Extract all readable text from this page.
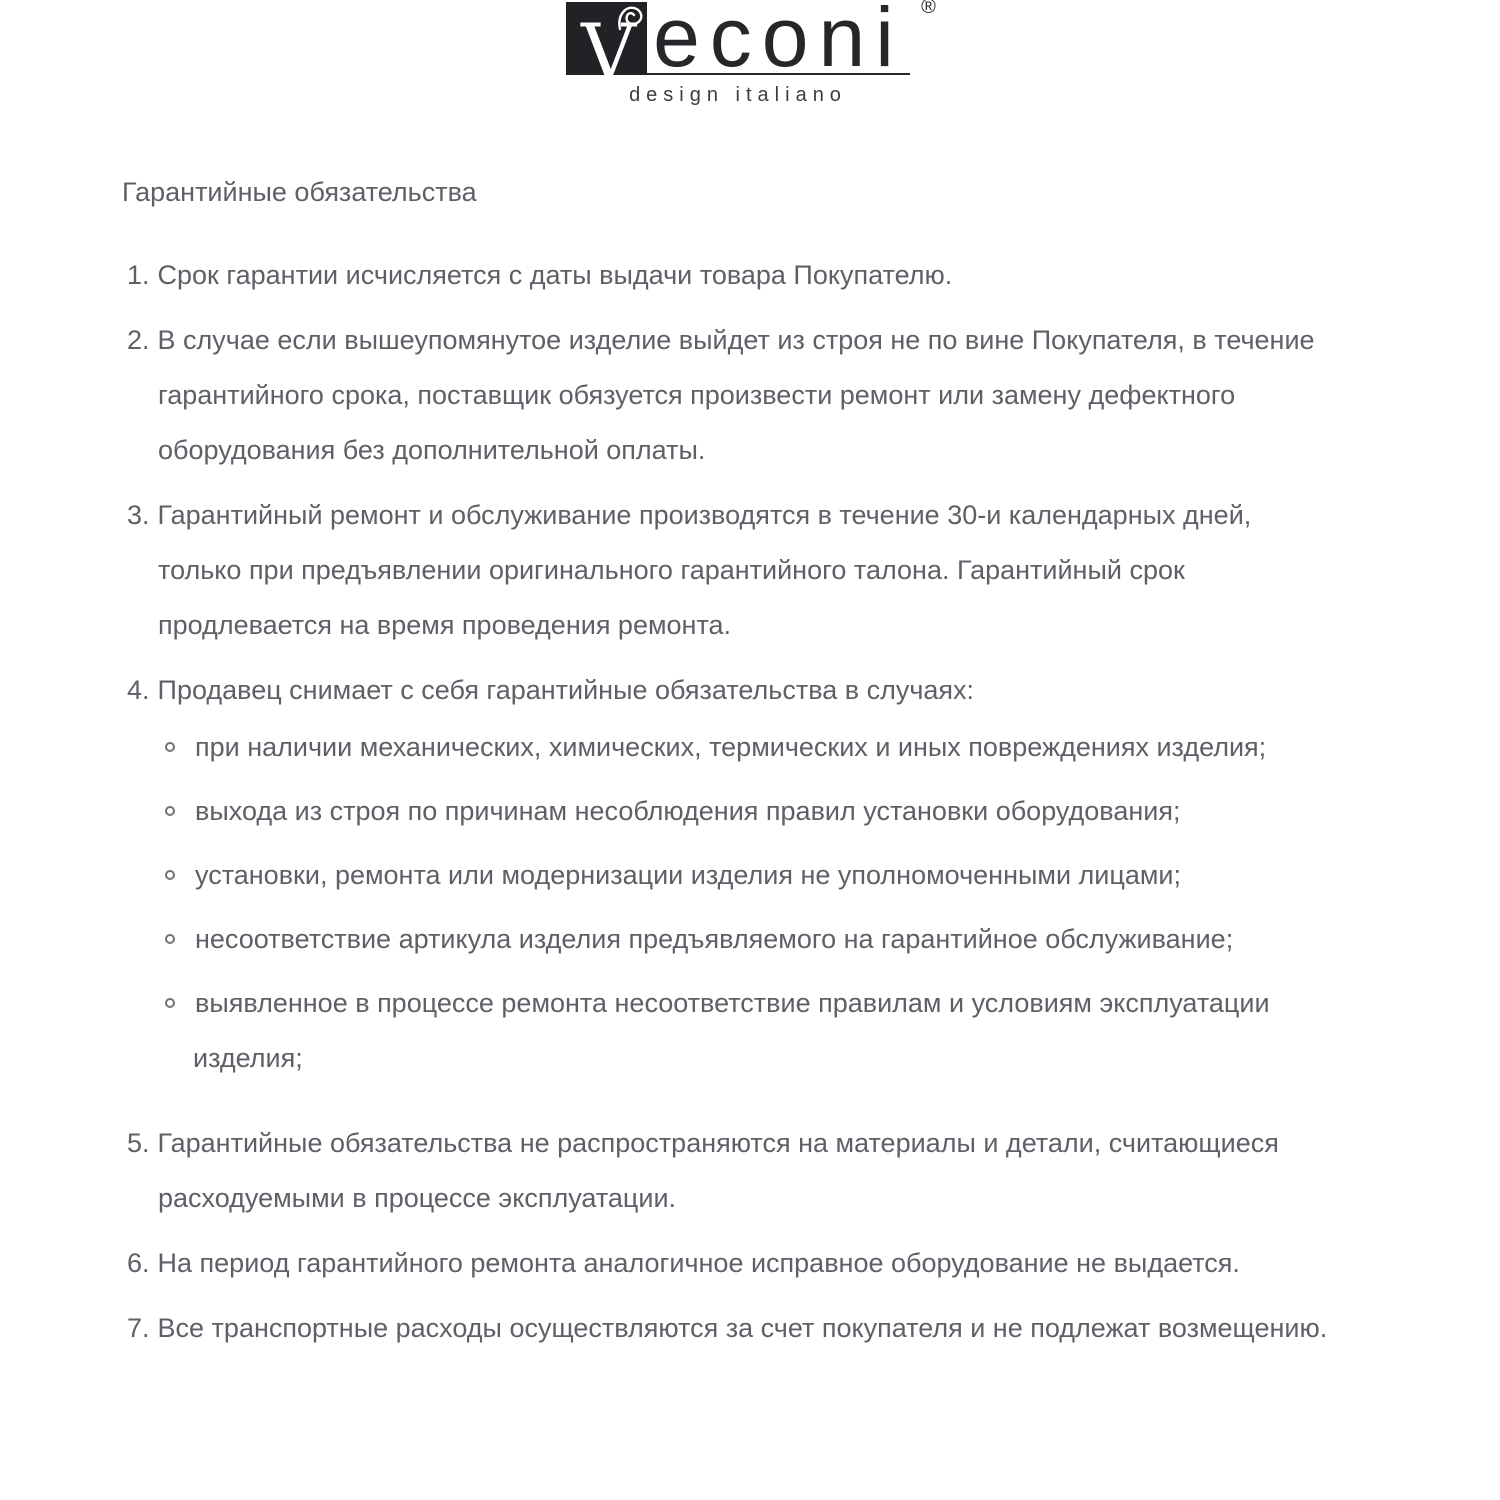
V econi ®
design italiano
Гарантийные обязательства
1. Срок гарантии исчисляется с даты выдачи товара Покупателю.
2. В случае если вышеупомянутое изделие выйдет из строя не по вине Покупателя, в течение гарантийного срока, поставщик обязуется произвести ремонт или замену дефектного оборудования без дополнительной оплаты.
3. Гарантийный ремонт и обслуживание производятся в течение 30-и календарных дней, только при предъявлении оригинального гарантийного талона. Гарантийный срок продлевается на время проведения ремонта.
4. Продавец снимает с себя гарантийные обязательства в случаях:
при наличии механических, химических, термических и иных повреждениях изделия;
выхода из строя по причинам несоблюдения правил установки оборудования;
установки, ремонта или модернизации изделия не уполномоченными лицами;
несоответствие артикула изделия предъявляемого на гарантийное обслуживание;
выявленное в процессе ремонта несоответствие правилам и условиям эксплуатации изделия;
5. Гарантийные обязательства не распространяются на материалы и детали, считающиеся расходуемыми в процессе эксплуатации.
6. На период гарантийного ремонта аналогичное исправное оборудование не выдается.
7. Все транспортные расходы осуществляются за счет покупателя и не подлежат возмещению.
